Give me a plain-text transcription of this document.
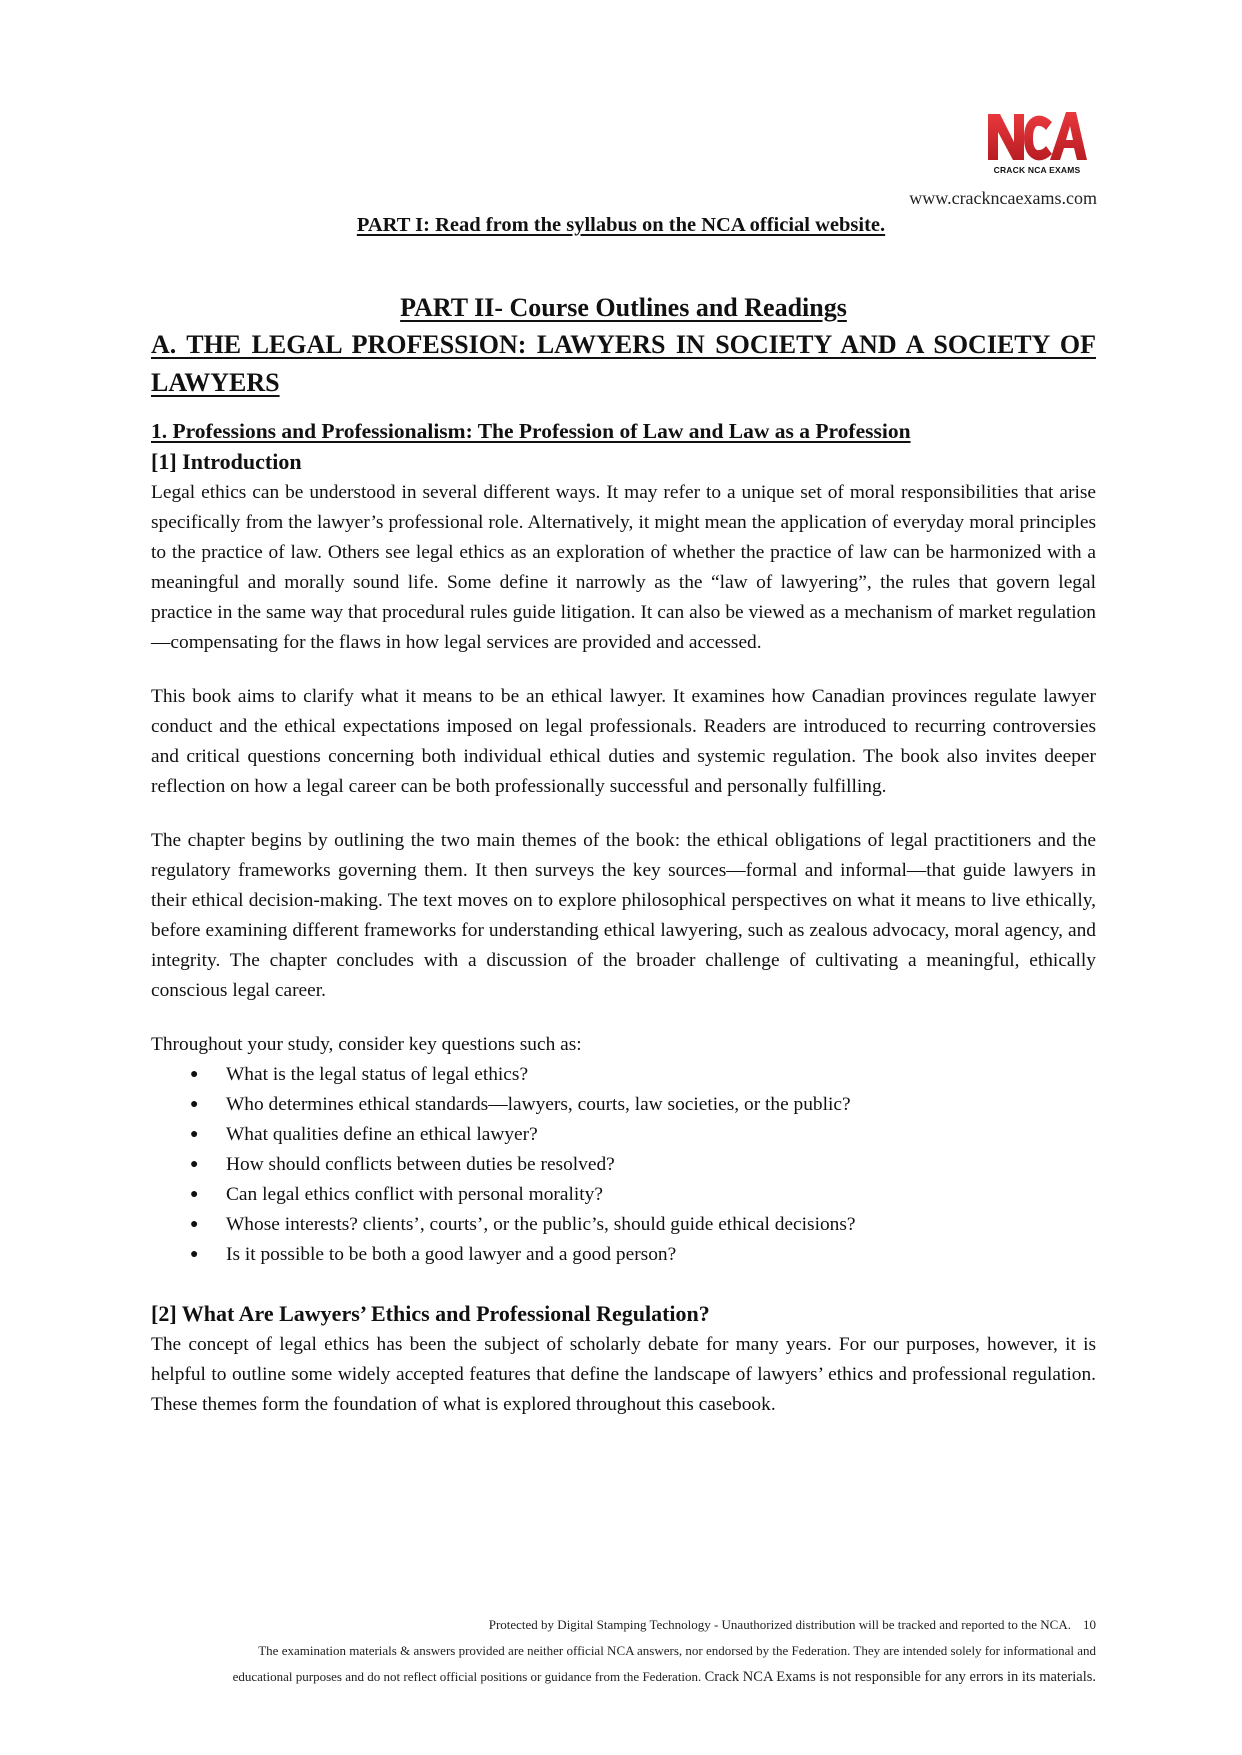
CRACK NCA EXAMS
www.crackncaexams.com
PART I: Read from the syllabus on the NCA official website.
PART II- Course Outlines and Readings
A. THE LEGAL PROFESSION: LAWYERS IN SOCIETY AND A SOCIETY OF LAWYERS
1. Professions and Professionalism: The Profession of Law and Law as a Profession
[1] Introduction

Legal ethics can be understood in several different ways. It may refer to a unique set of moral responsibilities that arise specifically from the lawyer’s professional role. Alternatively, it might mean the application of everyday moral principles to the practice of law. Others see legal ethics as an exploration of whether the practice of law can be harmonized with a meaningful and morally sound life. Some define it narrowly as the “law of lawyering”, the rules that govern legal practice in the same way that procedural rules guide litigation. It can also be viewed as a mechanism of market regulation—compensating for the flaws in how legal services are provided and accessed.

This book aims to clarify what it means to be an ethical lawyer. It examines how Canadian provinces regulate lawyer conduct and the ethical expectations imposed on legal professionals. Readers are introduced to recurring controversies and critical questions concerning both individual ethical duties and systemic regulation. The book also invites deeper reflection on how a legal career can be both professionally successful and personally fulfilling.

The chapter begins by outlining the two main themes of the book: the ethical obligations of legal practitioners and the regulatory frameworks governing them. It then surveys the key sources—formal and informal—that guide lawyers in their ethical decision-making. The text moves on to explore philosophical perspectives on what it means to live ethically, before examining different frameworks for understanding ethical lawyering, such as zealous advocacy, moral agency, and integrity. The chapter concludes with a discussion of the broader challenge of cultivating a meaningful, ethically conscious legal career.

Throughout your study, consider key questions such as:

● What is the legal status of legal ethics?
● Who determines ethical standards—lawyers, courts, law societies, or the public?
● What qualities define an ethical lawyer?
● How should conflicts between duties be resolved?
● Can legal ethics conflict with personal morality?
● Whose interests? clients’, courts’, or the public’s, should guide ethical decisions?
● Is it possible to be both a good lawyer and a good person?
[2] What Are Lawyers’ Ethics and Professional Regulation?

The concept of legal ethics has been the subject of scholarly debate for many years. For our purposes, however, it is helpful to outline some widely accepted features that define the landscape of lawyers’ ethics and professional regulation. These themes form the foundation of what is explored throughout this casebook.

Protected by Digital Stamping Technology - Unauthorized distribution will be tracked and reported to the NCA. 10
The examination materials & answers provided are neither official NCA answers, nor endorsed by the Federation. They are intended solely for informational and
educational purposes and do not reflect official positions or guidance from the Federation. Crack NCA Exams is not responsible for any errors in its materials.
